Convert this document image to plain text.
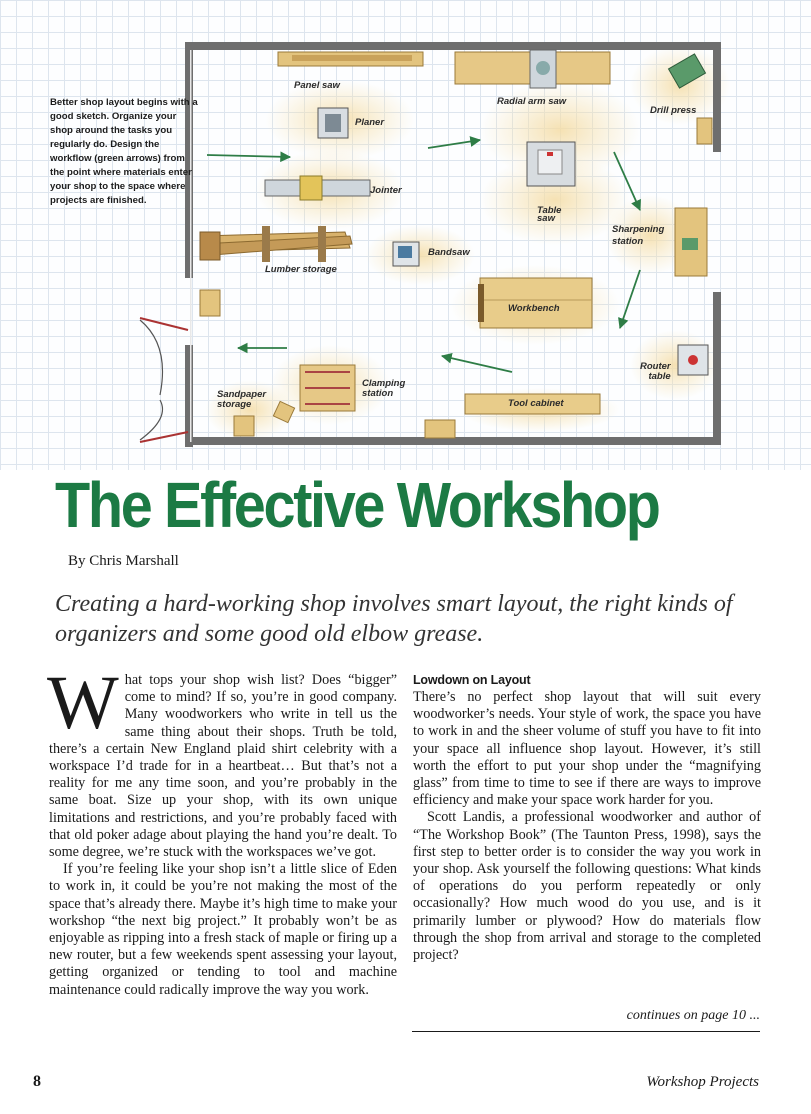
Better shop layout begins with a good sketch. Organize your shop around the tasks you regularly do. Design the workflow (green arrows) from the point where materials enter your shop to the space where projects are finished.
Panel saw
Radial arm saw
Drill press
Planer
Jointer
Table
saw
Sharpening
station
Bandsaw
Lumber storage
Workbench
Router
table
Clamping
station
Sandpaper
storage	Tool cabinet
The Effective Workshop
By Chris Marshall
Creating a hard-working shop involves smart layout, the right kinds of organizers and some good old elbow grease.

What tops your shop wish list? Does “bigger” come to mind? If so, you’re in good company. Many woodworkers who write in tell us the same thing about their shops. Truth be told, there’s a certain New England plaid shirt celebrity with a workspace I’d trade for in a heartbeat… But that’s not a reality for me any time soon, and you’re probably in the same boat. Size up your shop, with its own unique limitations and restrictions, and you’re probably faced with that old poker adage about playing the hand you’re dealt. To some degree, we’re stuck with the workspaces we’ve got.

If you’re feeling like your shop isn’t a little slice of Eden to work in, it could be you’re not making the most of the space that’s already there. Maybe it’s high time to make your workshop “the next big project.” It probably won’t be as enjoyable as ripping into a fresh stack of maple or firing up a new router, but a few weekends spent assessing your layout, getting organized or tending to tool and machine maintenance could radically improve the way you work.

Lowdown on Layout

There’s no perfect shop layout that will suit every woodworker’s needs. Your style of work, the space you have to work in and the sheer volume of stuff you have to fit into your space all influence shop layout. However, it’s still worth the effort to put your shop under the “magnifying glass” from time to time to see if there are ways to improve efficiency and make your space work harder for you.

Scott Landis, a professional woodworker and author of “The Workshop Book” (The Taunton Press, 1998), says the first step to better order is to consider the way you work in your shop. Ask yourself the following questions: What kinds of operations do you perform repeatedly or only occasionally? How much wood do you use, and is it primarily lumber or plywood? How do materials flow through the shop from arrival and storage to the completed project?

continues on page 10 ...
8	Workshop Projects
